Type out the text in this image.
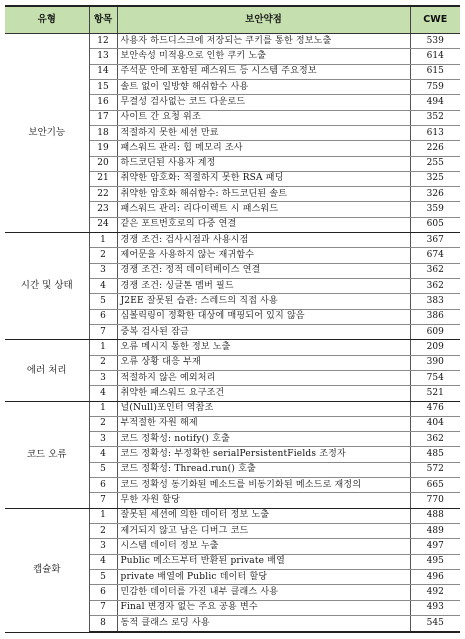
유형	항목	보안약점	CWE
보안기능	12	사용자 하드디스크에 저장되는 쿠키를 통한 정보노출	539
	13	보안속성 미적용으로 인한 쿠키 노출	614
	14	주석문 안에 포함된 패스워드 등 시스템 주요정보	615
	15	솔트 없이 일방향 해쉬함수 사용	759
	16	무결성 검사없는 코드 다운로드	494
	17	사이트 간 요청 위조	352
	18	적절하지 못한 세션 만료	613
	19	패스워드 관리: 힙 메모리 조사	226
	20	하드코딘된 사용자 계정	255
	21	취약한 암호화: 적절하지 못한 RSA 패딩	325
	22	취약한 암호화 해쉬함수: 하드코딘된 솔트	326
	23	패스워드 관리: 리다이렉트 시 패스워드	359
	24	같은 포트번호로의 다중 연결	605
시간 및 상태	1	경쟁 조건: 검사시점과 사용시점	367
	2	제어문을 사용하지 않는 재귀함수	674
	3	경쟁 조건: 정적 데이터베이스 연결	362
	4	경쟁 조건: 싱글톤 멤버 필드	362
	5	J2EE 잘못된 습관: 스레드의 직접 사용	383
	6	심볼릭링이 정확한 대상에 매핑되어 있지 않음	386
	7	중복 검사된 잠금	609
에러 처리	1	오류 메시지 통한 정보 노출	209
	2	오류 상황 대응 부재	390
	3	적절하지 않은 예외처리	754
	4	취약한 패스워드 요구조건	521
코드 오류	1	널(Null)포인터 역참조	476
	2	부적절한 자원 해제	404
	3	코드 정확성: notify() 호출	362
	4	코드 정확성: 부정확한 serialPersistentFields 조정자	485
	5	코드 정확성: Thread.run() 호출	572
	6	코드 정확성 동기화된 메소드를 비동기화된 메소드로 재정의	665
	7	무한 자원 할당	770
캡슐화	1	잘못된 세션에 의한 데이터 정보 노출	488
	2	제거되지 않고 남은 디버그 코드	489
	3	시스템 데이터 정보 누출	497
	4	Public 메소드부터 반환된 private 배열	495
	5	private 배열에 Public 데이터 할당	496
	6	민감한 데이터를 가진 내부 클래스 사용	492
	7	Final 변경자 없는 주요 공용 변수	493
	8	동적 클래스 로딩 사용	545
